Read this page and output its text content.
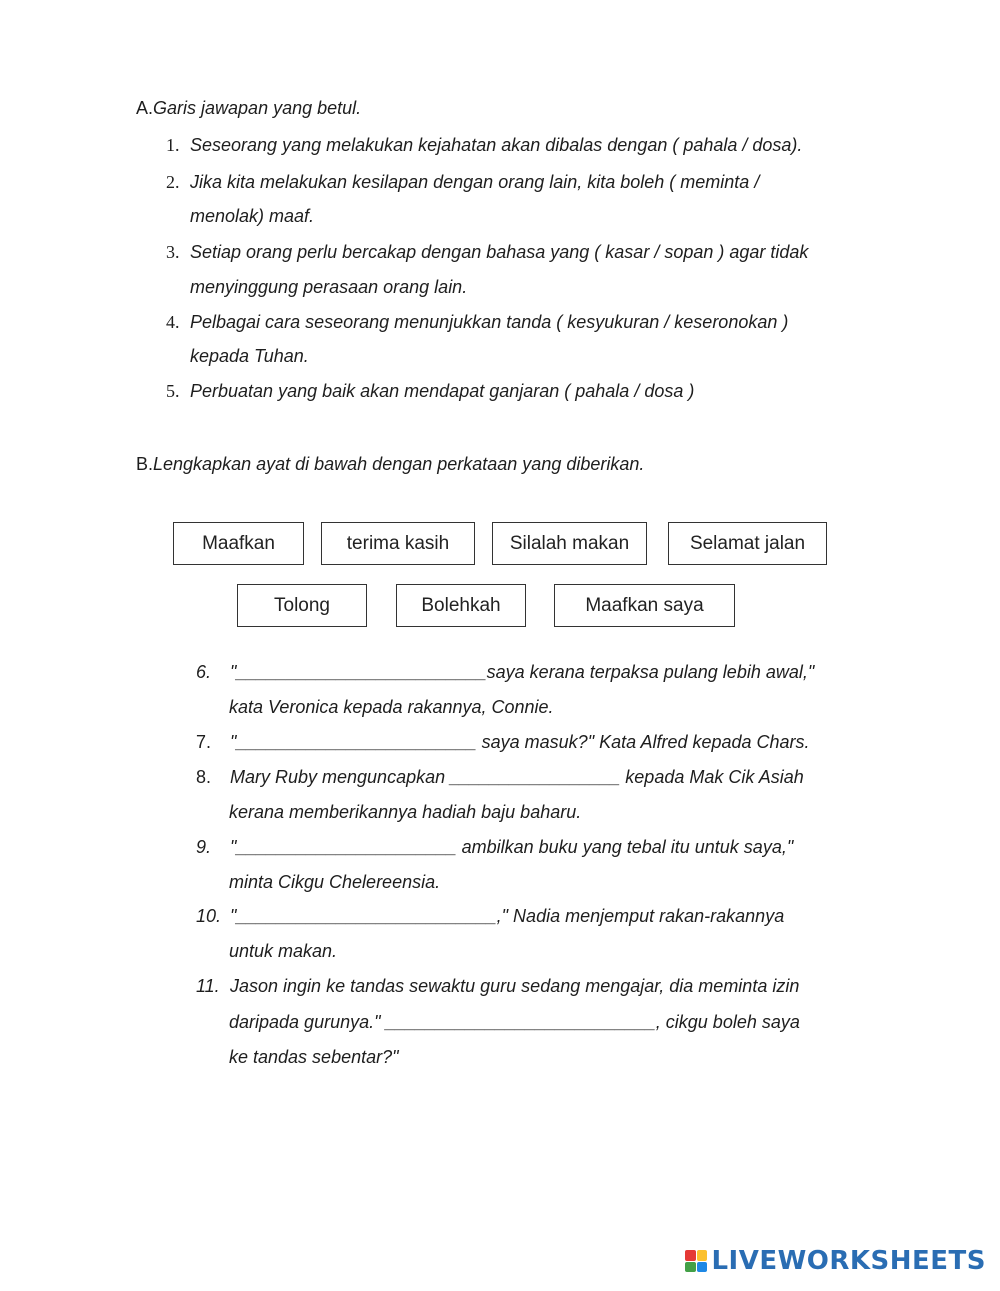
A.Garis jawapan yang betul.
1. Seseorang yang melakukan kejahatan akan dibalas dengan ( pahala / dosa).
2. Jika kita melakukan kesilapan dengan orang lain, kita boleh ( meminta /
menolak) maaf.
3. Setiap orang perlu bercakap dengan bahasa yang ( kasar / sopan ) agar tidak
menyinggung perasaan orang lain.
4. Pelbagai cara seseorang menunjukkan tanda ( kesyukuran / keseronokan )
kepada Tuhan.
5. Perbuatan yang baik akan mendapat ganjaran ( pahala / dosa )
B.Lengkapkan ayat di bawah dengan perkataan yang diberikan.
Maafkan	terima kasih	Silalah makan	Selamat jalan
Tolong	Bolehkah	Maafkan saya
6. "_________________________saya kerana terpaksa pulang lebih awal,"
kata Veronica kepada rakannya, Connie.
7. "________________________ saya masuk?" Kata Alfred kepada Chars.
8. Mary Ruby menguncapkan _________________ kepada Mak Cik Asiah
kerana memberikannya hadiah baju baharu.
9. "______________________ ambilkan buku yang tebal itu untuk saya,"
minta Cikgu Chelereensia.
10. "__________________________," Nadia menjemput rakan-rakannya
untuk makan.
11. Jason ingin ke tandas sewaktu guru sedang mengajar, dia meminta izin
daripada gurunya." ___________________________, cikgu boleh saya
ke tandas sebentar?"
LIVEWORKSHEETS
